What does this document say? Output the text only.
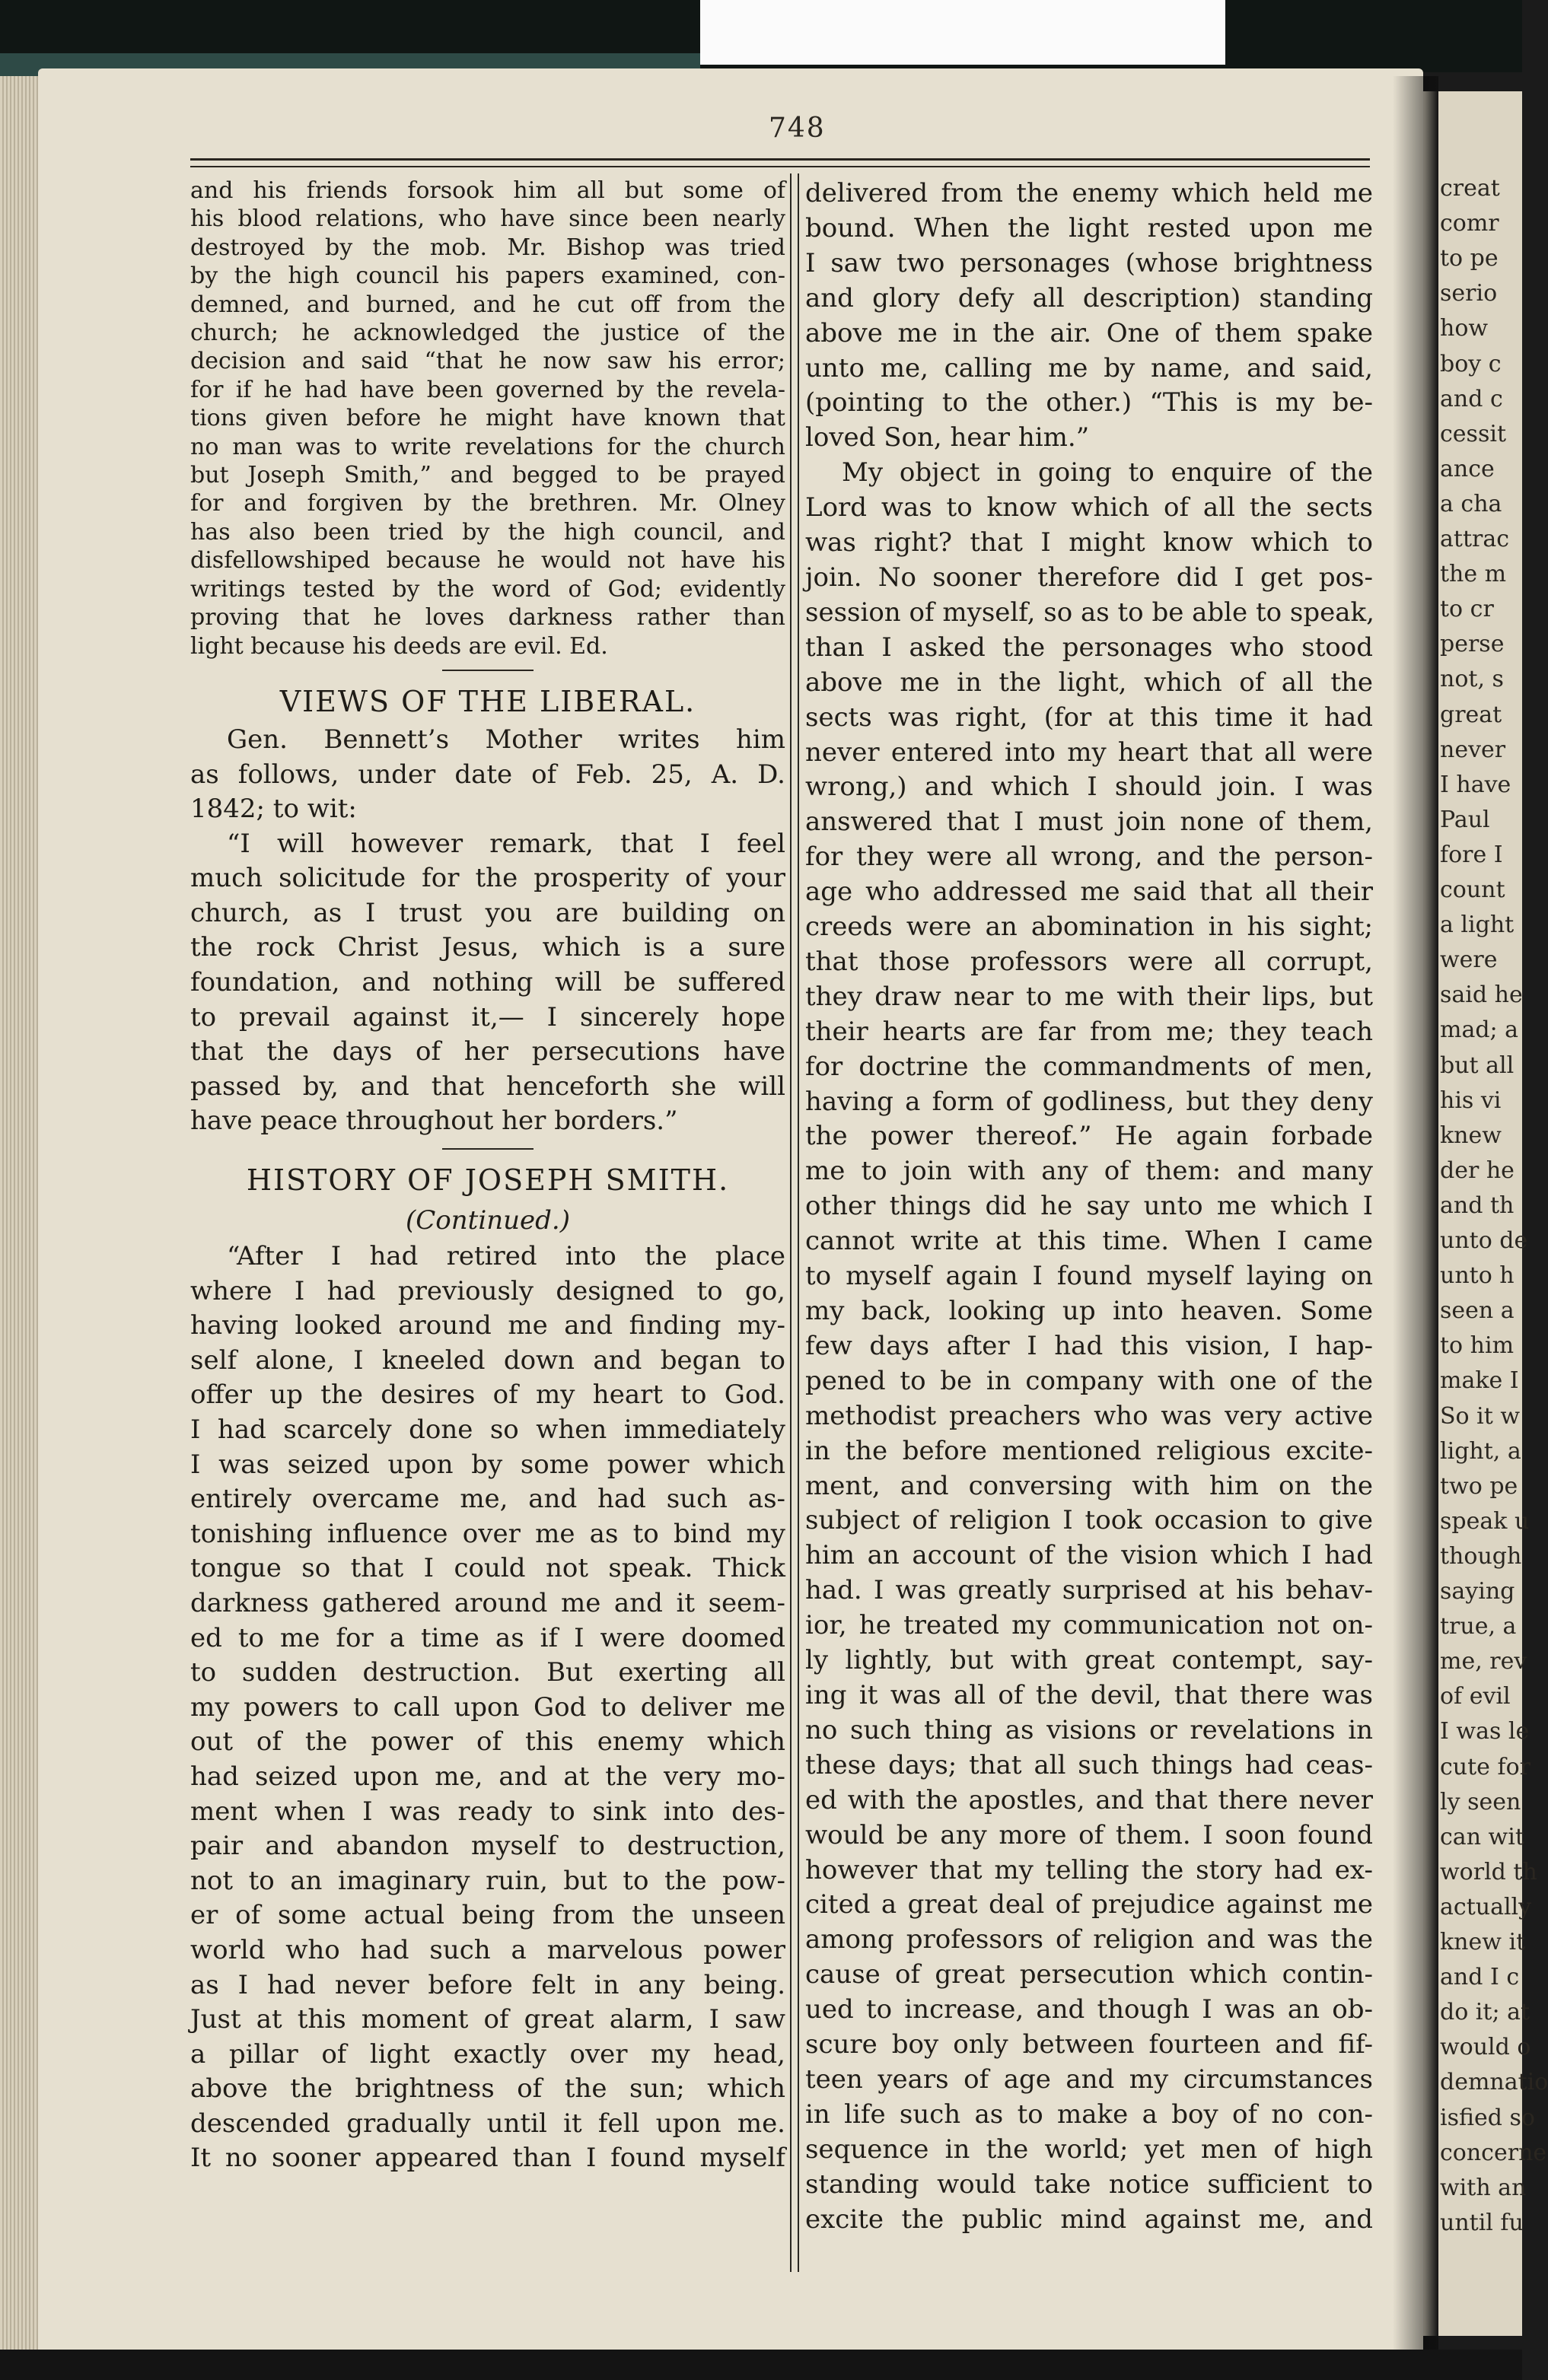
creat
comr
to pe
serio
how
boy c
and c
cessit
ance
a cha
attrac
the m
to cr
perse
not, s
great
never
I have
Paul
fore I
count
a light
were
said he
mad; a
but all
his vi
knew
der he
and th
unto de
unto h
seen a
to him
make I
So it w
light, a
two pe
speak u
though
saying
true, a
me, rev
of evil
I was le
cute for
ly seen
can wit
world th
actually
knew it
and I c
do it; at
would o
demnatio
isfied so
concerne
with an
until fu
748
and his friends forsook him all but some of
his blood relations, who have since been nearly
destroyed by the mob. Mr. Bishop was tried
by the high council his papers examined, con-
demned, and burned, and he cut off from the
church; he acknowledged the justice of the
decision and said “that he now saw his error;
for if he had have been governed by the revela-
tions given before he might have known that
no man was to write revelations for the church
but Joseph Smith,” and begged to be prayed
for and forgiven by the brethren. Mr. Olney
has also been tried by the high council, and
disfellowshiped because he would not have his
writings tested by the word of God; evidently
proving that he loves darkness rather than
light because his deeds are evil. Ed.
VIEWS OF THE LIBERAL.
Gen. Bennett’s Mother writes him
as follows, under date of Feb. 25, A. D.
1842; to wit:
“I will however remark, that I feel
much solicitude for the prosperity of your
church, as I trust you are building on
the rock Christ Jesus, which is a sure
foundation, and nothing will be suffered
to prevail against it,— I sincerely hope
that the days of her persecutions have
passed by, and that henceforth she will
have peace throughout her borders.”
HISTORY OF JOSEPH SMITH.
(Continued.)
“After I had retired into the place
where I had previously designed to go,
having looked around me and finding my-
self alone, I kneeled down and began to
offer up the desires of my heart to God.
I had scarcely done so when immediately
I was seized upon by some power which
entirely overcame me, and had such as-
tonishing influence over me as to bind my
tongue so that I could not speak. Thick
darkness gathered around me and it seem-
ed to me for a time as if I were doomed
to sudden destruction. But exerting all
my powers to call upon God to deliver me
out of the power of this enemy which
had seized upon me, and at the very mo-
ment when I was ready to sink into des-
pair and abandon myself to destruction,
not to an imaginary ruin, but to the pow-
er of some actual being from the unseen
world who had such a marvelous power
as I had never before felt in any being.
Just at this moment of great alarm, I saw
a pillar of light exactly over my head,
above the brightness of the sun; which
descended gradually until it fell upon me.
It no sooner appeared than I found myself
delivered from the enemy which held me
bound. When the light rested upon me
I saw two personages (whose brightness
and glory defy all description) standing
above me in the air. One of them spake
unto me, calling me by name, and said,
(pointing to the other.) “This is my be-
loved Son, hear him.”
My object in going to enquire of the
Lord was to know which of all the sects
was right? that I might know which to
join. No sooner therefore did I get pos-
session of myself, so as to be able to speak,
than I asked the personages who stood
above me in the light, which of all the
sects was right, (for at this time it had
never entered into my heart that all were
wrong,) and which I should join. I was
answered that I must join none of them,
for they were all wrong, and the person-
age who addressed me said that all their
creeds were an abomination in his sight;
that those professors were all corrupt,
they draw near to me with their lips, but
their hearts are far from me; they teach
for doctrine the commandments of men,
having a form of godliness, but they deny
the power thereof.” He again forbade
me to join with any of them: and many
other things did he say unto me which I
cannot write at this time. When I came
to myself again I found myself laying on
my back, looking up into heaven. Some
few days after I had this vision, I hap-
pened to be in company with one of the
methodist preachers who was very active
in the before mentioned religious excite-
ment, and conversing with him on the
subject of religion I took occasion to give
him an account of the vision which I had
had. I was greatly surprised at his behav-
ior, he treated my communication not on-
ly lightly, but with great contempt, say-
ing it was all of the devil, that there was
no such thing as visions or revelations in
these days; that all such things had ceas-
ed with the apostles, and that there never
would be any more of them. I soon found
however that my telling the story had ex-
cited a great deal of prejudice against me
among professors of religion and was the
cause of great persecution which contin-
ued to increase, and though I was an ob-
scure boy only between fourteen and fif-
teen years of age and my circumstances
in life such as to make a boy of no con-
sequence in the world; yet men of high
standing would take notice sufficient to
excite the public mind against me, and
